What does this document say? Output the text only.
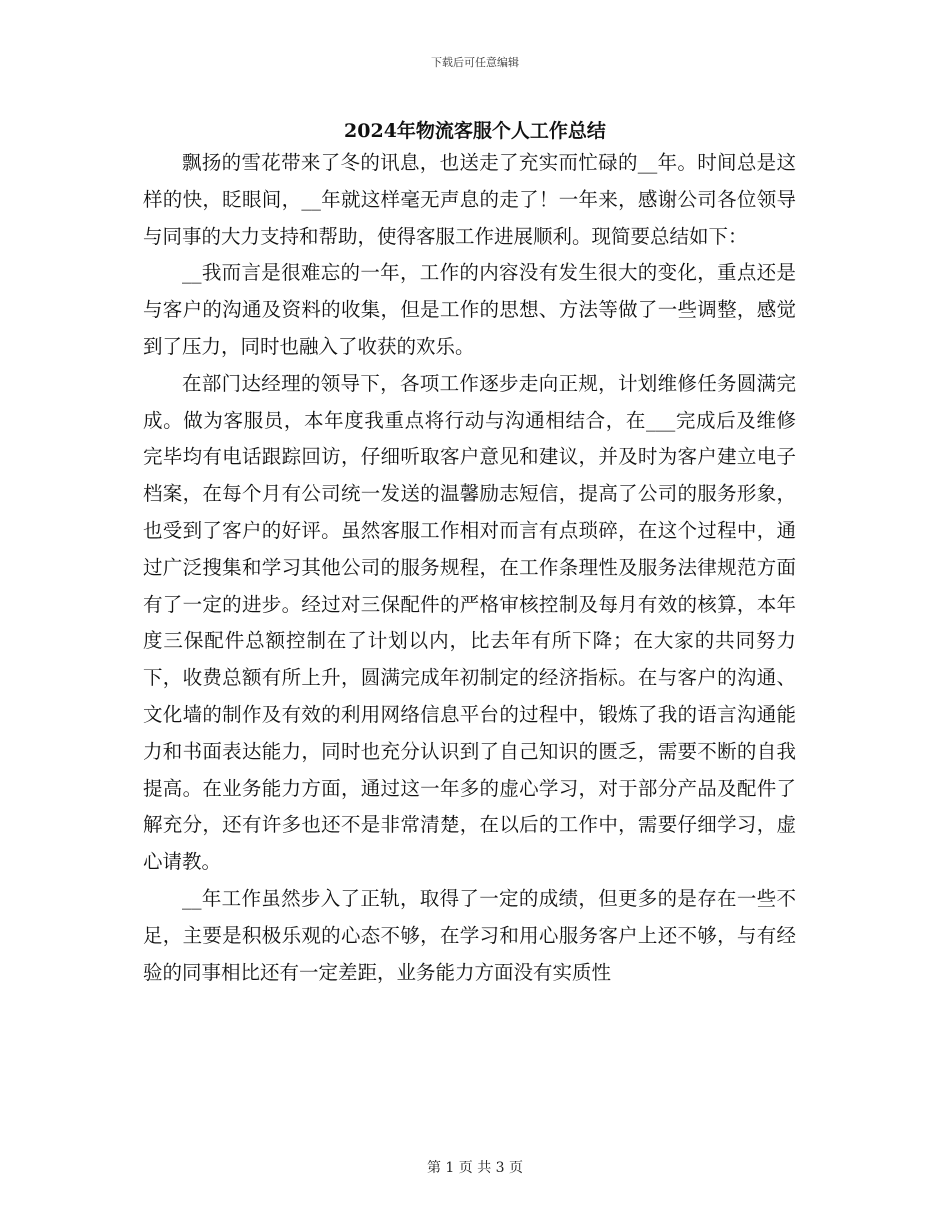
下载后可任意编辑
2024年物流客服个人工作总结

飘扬的雪花带来了冬的讯息，也送走了充实而忙碌的__年。时间总是这样的快，眨眼间，__年就这样毫无声息的走了！一年来，感谢公司各位领导与同事的大力支持和帮助，使得客服工作进展顺利。现简要总结如下：

__我而言是很难忘的一年，工作的内容没有发生很大的变化，重点还是与客户的沟通及资料的收集，但是工作的思想、方法等做了一些调整，感觉到了压力，同时也融入了收获的欢乐。

在部门达经理的领导下，各项工作逐步走向正规，计划维修任务圆满完成。做为客服员，本年度我重点将行动与沟通相结合，在___完成后及维修完毕均有电话跟踪回访，仔细听取客户意见和建议，并及时为客户建立电子档案，在每个月有公司统一发送的温馨励志短信，提高了公司的服务形象，也受到了客户的好评。虽然客服工作相对而言有点琐碎，在这个过程中，通过广泛搜集和学习其他公司的服务规程，在工作条理性及服务法律规范方面有了一定的进步。经过对三保配件的严格审核控制及每月有效的核算，本年度三保配件总额控制在了计划以内，比去年有所下降；在大家的共同努力下，收费总额有所上升，圆满完成年初制定的经济指标。在与客户的沟通、文化墙的制作及有效的利用网络信息平台的过程中，锻炼了我的语言沟通能力和书面表达能力，同时也充分认识到了自己知识的匮乏，需要不断的自我提高。在业务能力方面，通过这一年多的虚心学习，对于部分产品及配件了解充分，还有许多也还不是非常清楚，在以后的工作中，需要仔细学习，虚心请教。

__年工作虽然步入了正轨，取得了一定的成绩，但更多的是存在一些不足，主要是积极乐观的心态不够，在学习和用心服务客户上还不够，与有经验的同事相比还有一定差距，业务能力方面没有实质性

第 1 页 共 3 页
